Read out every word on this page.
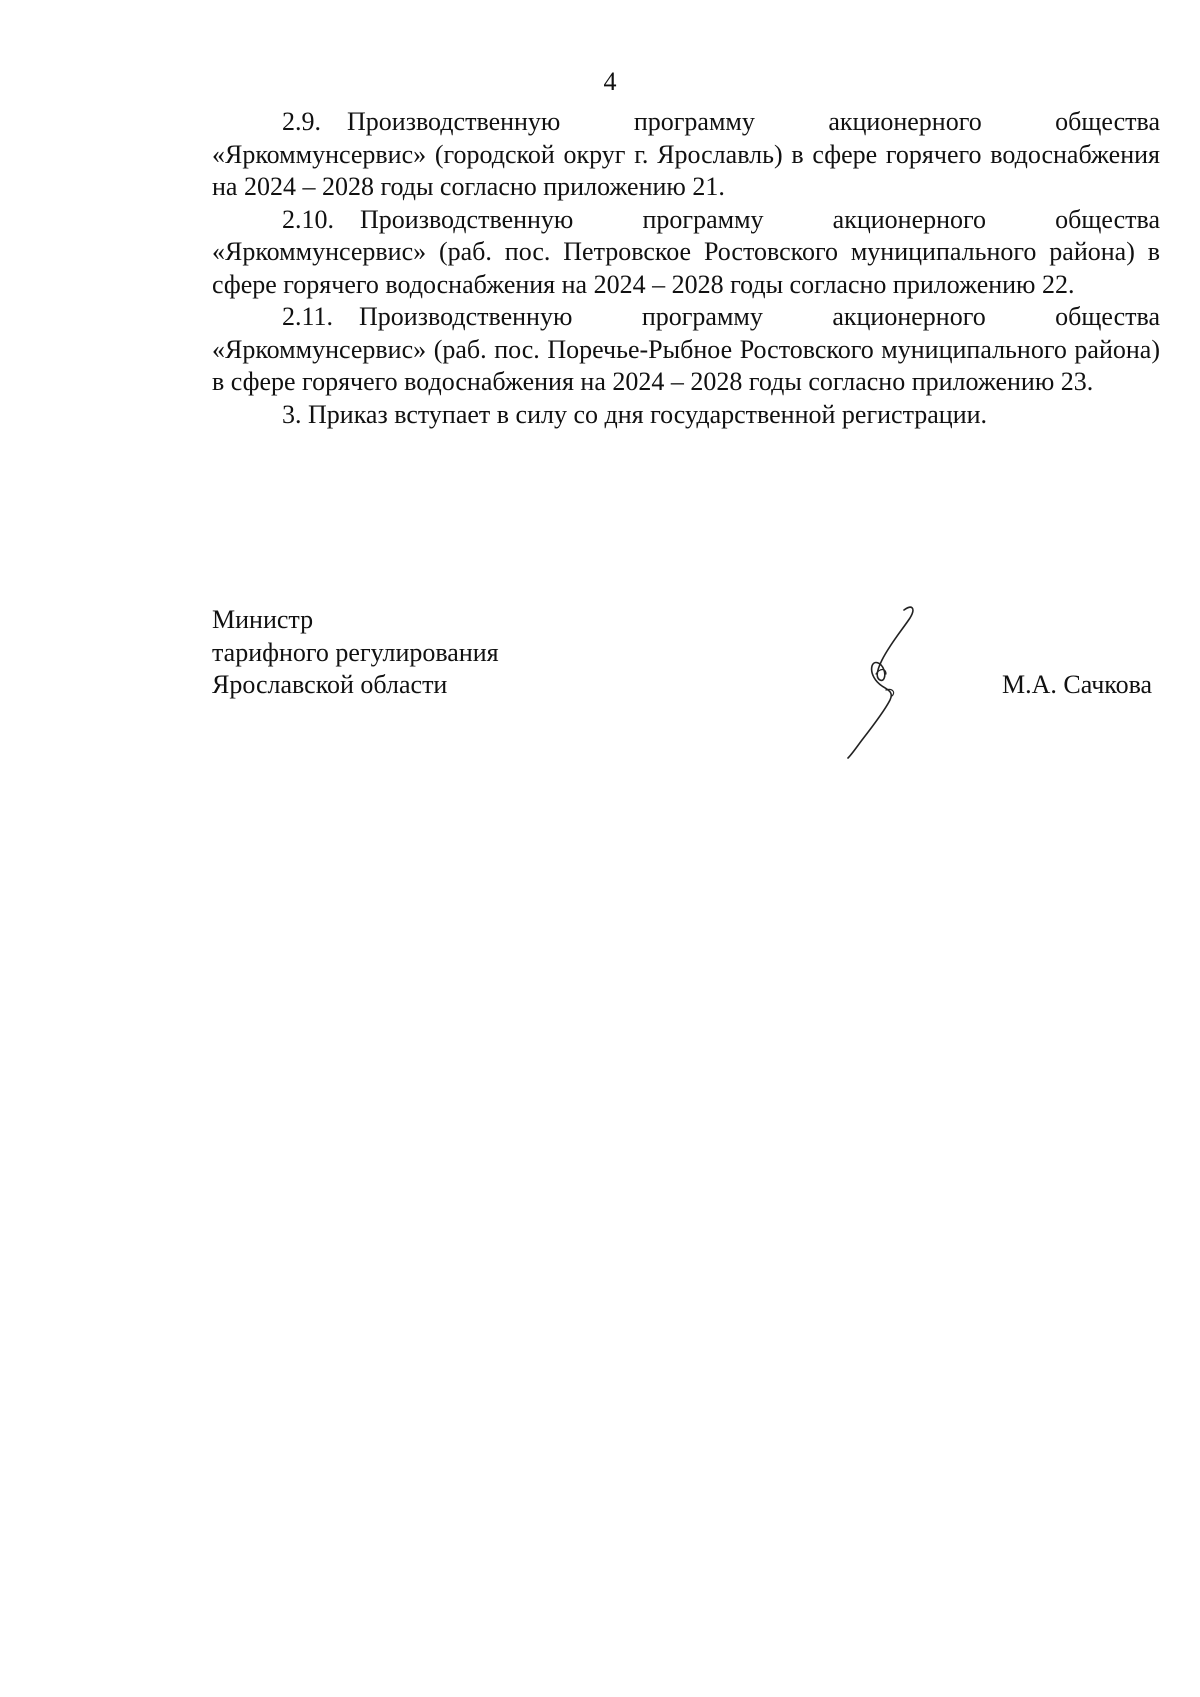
4

2.9. Производственную программу акционерного общества «Яркоммунсервис» (городской округ г. Ярославль) в сфере горячего водоснабжения на 2024 – 2028 годы согласно приложению 21.

2.10. Производственную программу акционерного общества «Яркоммунсервис» (раб. пос. Петровское Ростовского муниципального района) в сфере горячего водоснабжения на 2024 – 2028 годы согласно приложению 22.

2.11. Производственную программу акционерного общества «Яркоммунсервис» (раб. пос. Поречье-Рыбное Ростовского муниципального района) в сфере горячего водоснабжения на 2024 – 2028 годы согласно приложению 23.

3. Приказ вступает в силу со дня государственной регистрации.

Министр
тарифного регулирования
Ярославской области	М.А. Сачкова
